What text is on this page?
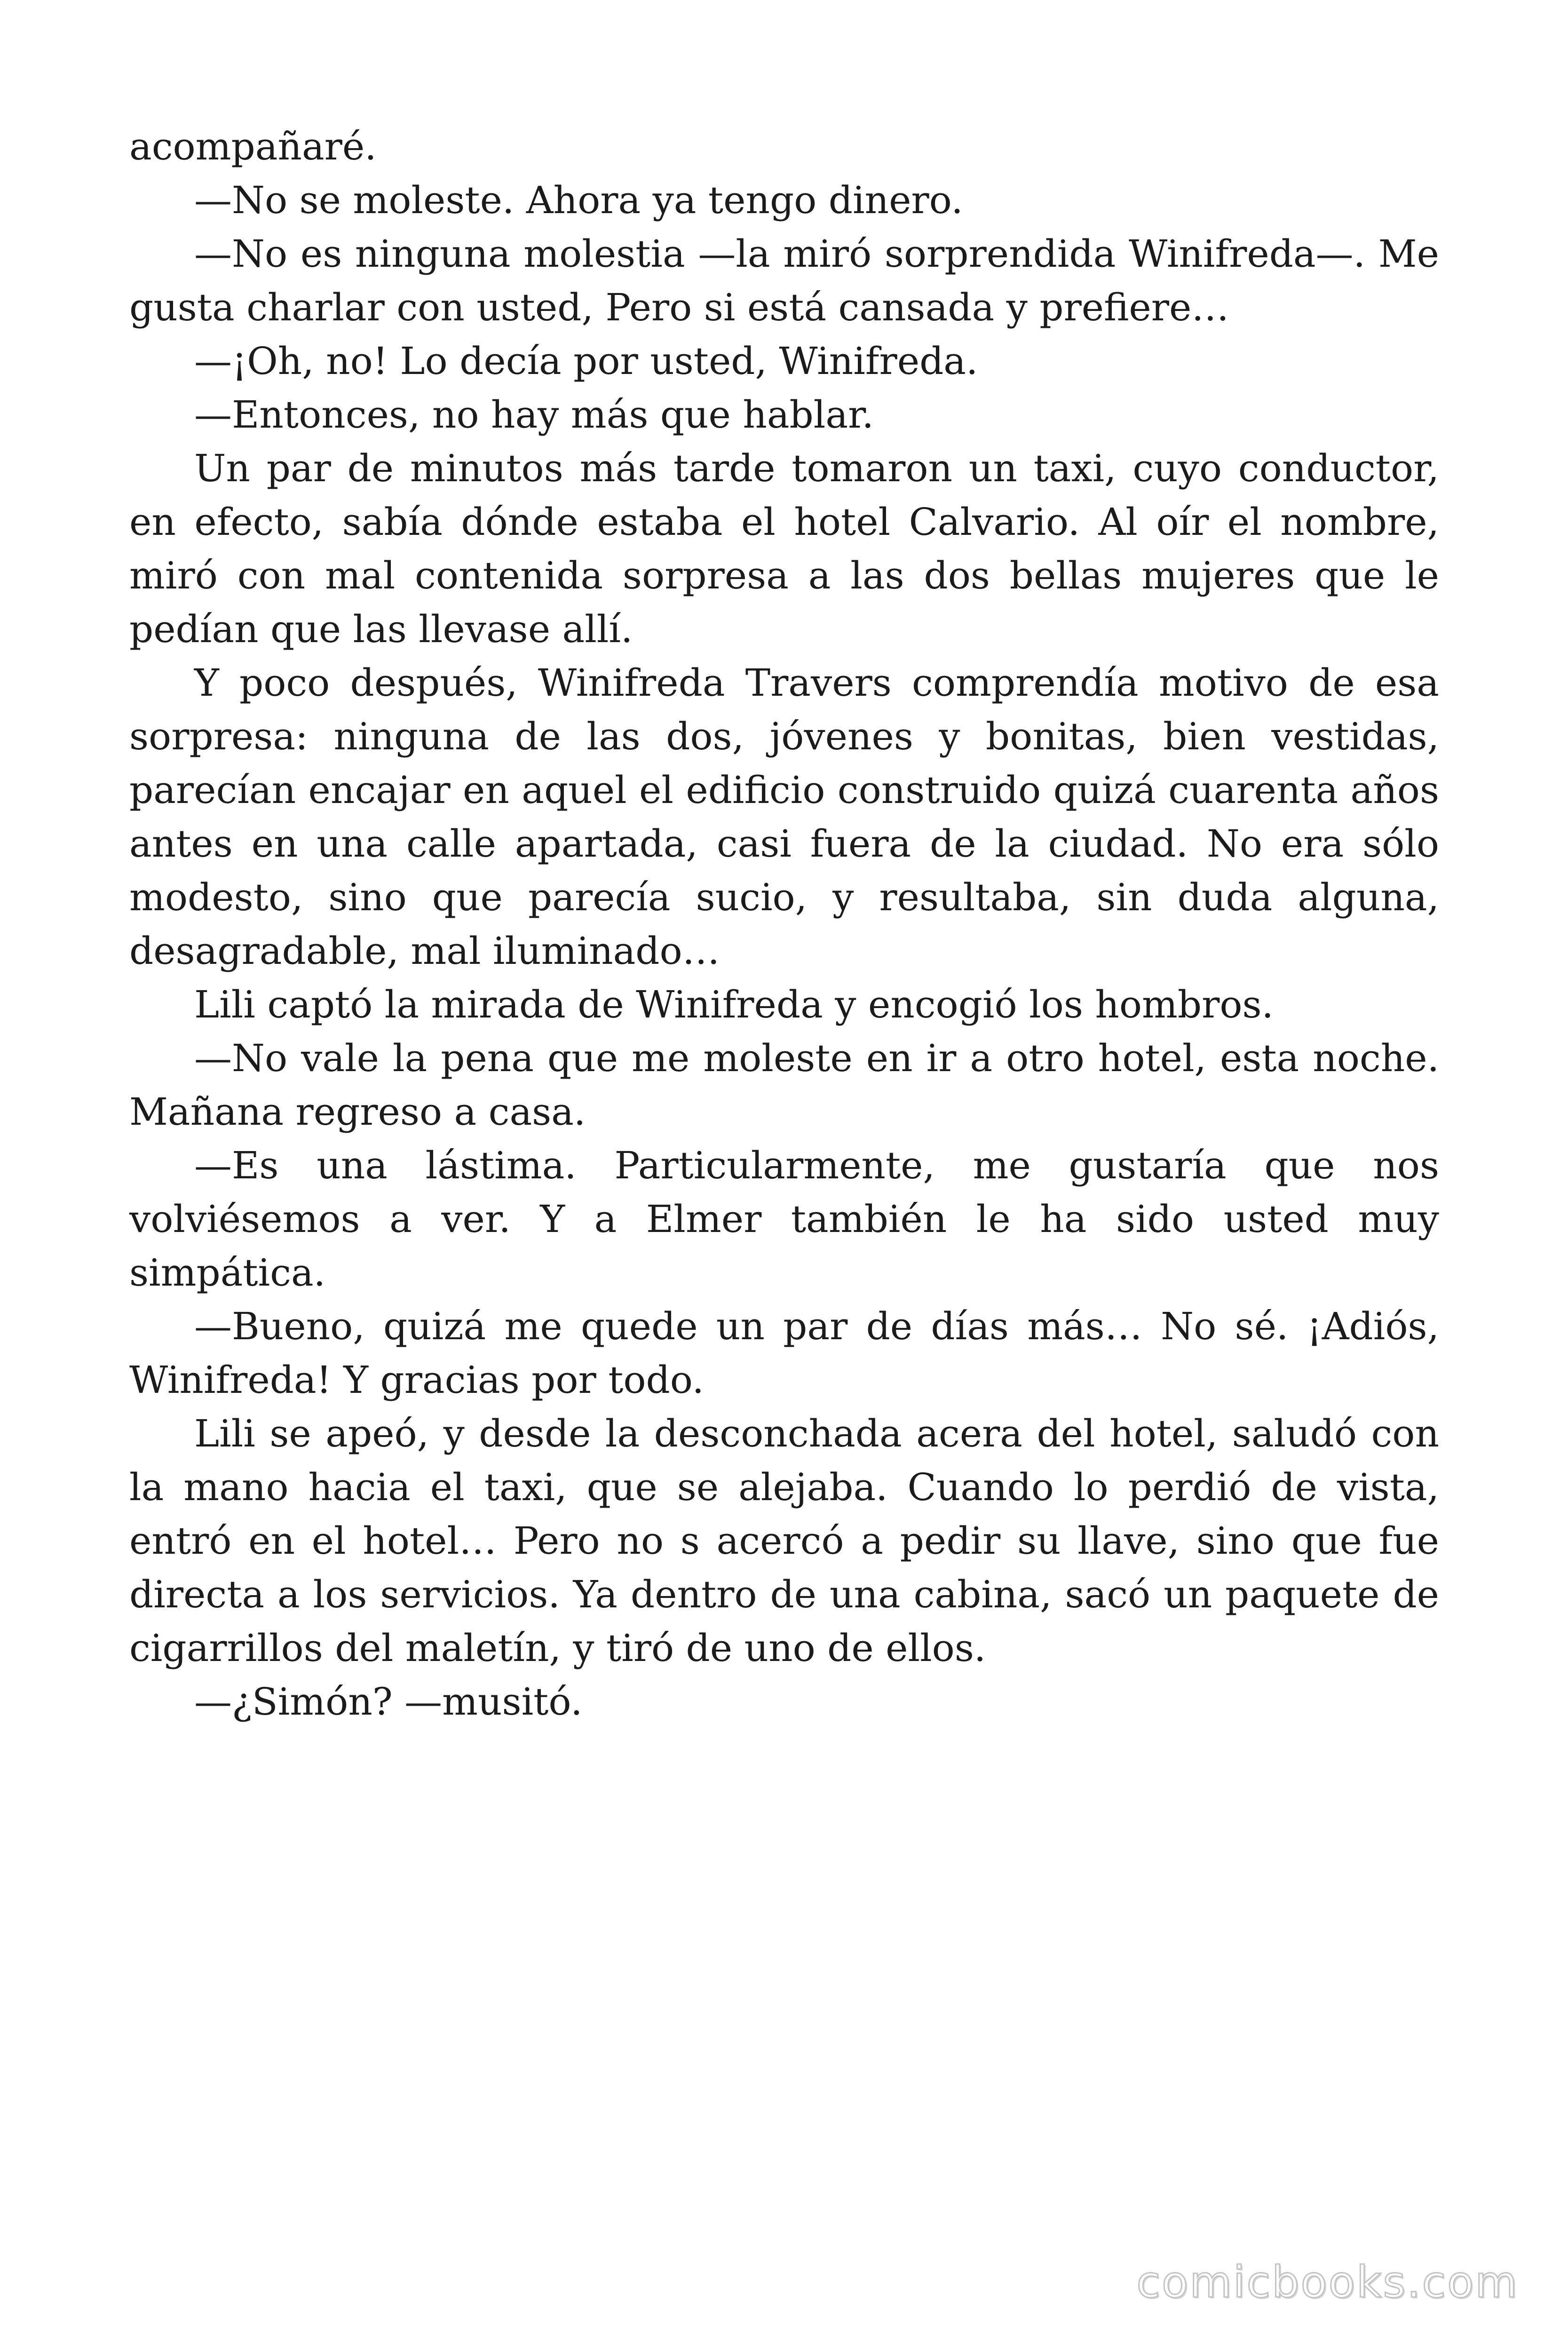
acompañaré.

—No se moleste. Ahora ya tengo dinero.

—No es ninguna molestia —la miró sorprendida Winifreda—. Me gusta charlar con usted, Pero si está cansada y prefiere…

—¡Oh, no! Lo decía por usted, Winifreda.

—Entonces, no hay más que hablar.

Un par de minutos más tarde tomaron un taxi, cuyo conductor, en efecto, sabía dónde estaba el hotel Calvario. Al oír el nombre, miró con mal contenida sorpresa a las dos bellas mujeres que le pedían que las llevase allí.

Y poco después, Winifreda Travers comprendía motivo de esa sorpresa: ninguna de las dos, jóvenes y bonitas, bien vestidas, parecían encajar en aquel el edificio construido quizá cuarenta años antes en una calle apartada, casi fuera de la ciudad. No era sólo modesto, sino que parecía sucio, y resultaba, sin duda alguna, desagradable, mal iluminado…

Lili captó la mirada de Winifreda y encogió los hombros.

—No vale la pena que me moleste en ir a otro hotel, esta noche. Mañana regreso a casa.

—Es una lástima. Particularmente, me gustaría que nos volviésemos a ver. Y a Elmer también le ha sido usted muy simpática.

—Bueno, quizá me quede un par de días más… No sé. ¡Adiós, Winifreda! Y gracias por todo.

Lili se apeó, y desde la desconchada acera del hotel, saludó con la mano hacia el taxi, que se alejaba. Cuando lo perdió de vista, entró en el hotel… Pero no s acercó a pedir su llave, sino que fue directa a los servicios. Ya dentro de una cabina, sacó un paquete de cigarrillos del maletín, y tiró de uno de ellos.

—¿Simón? —musitó.

comicbooks.com
